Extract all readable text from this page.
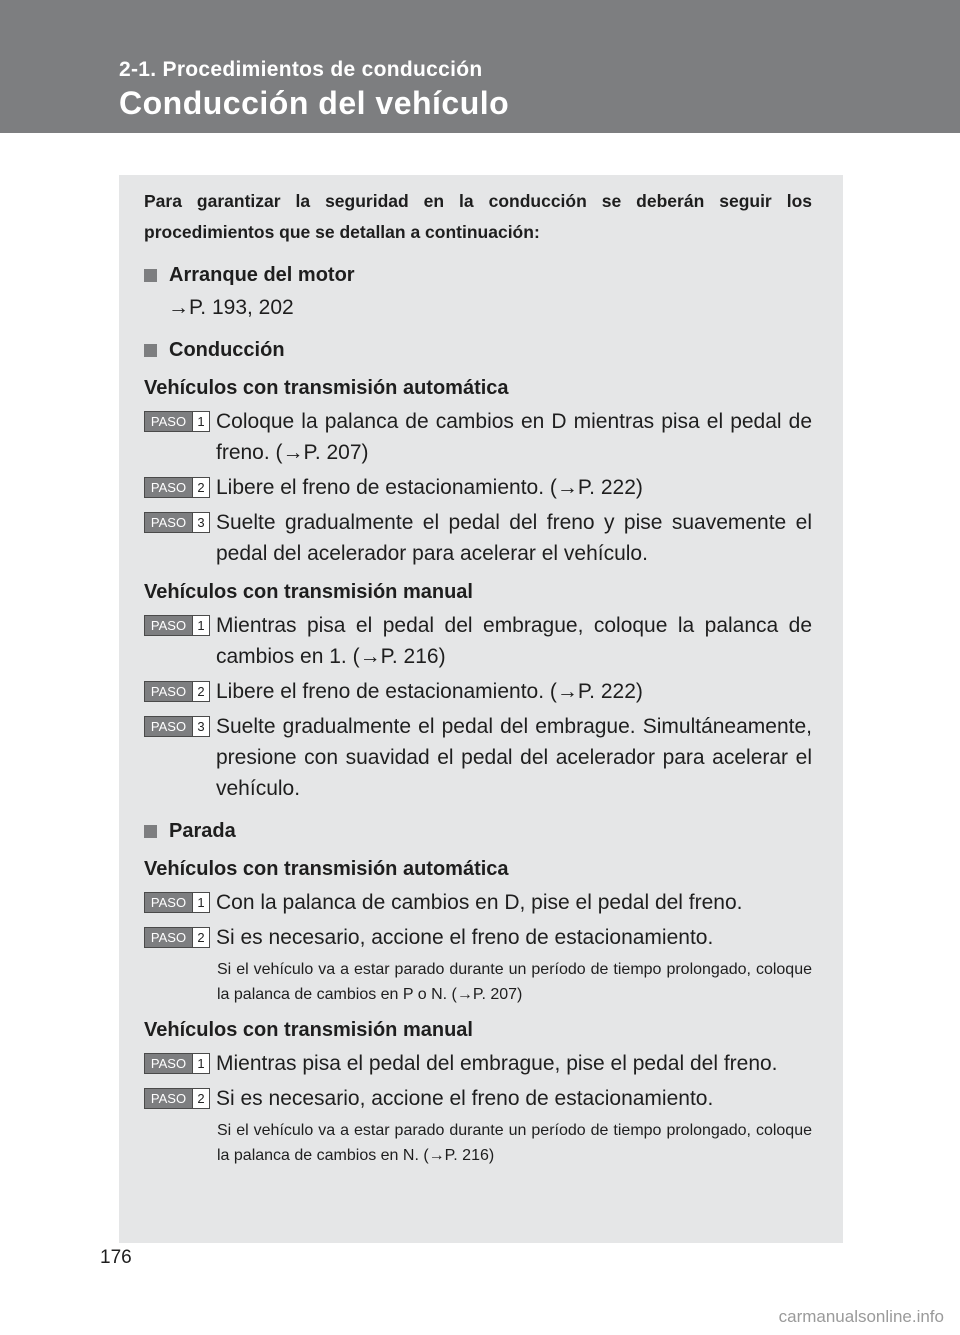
2-1. Procedimientos de conducción
Conducción del vehículo

Para garantizar la seguridad en la conducción se deberán seguir los procedimientos que se detallan a continuación:

Arranque del motor
→P. 193, 202
Conducción
Vehículos con transmisión automática
PASO 1 Coloque la palanca de cambios en D mientras pisa el pedal de freno. (→P. 207)
PASO 2 Libere el freno de estacionamiento. (→P. 222)
PASO 3 Suelte gradualmente el pedal del freno y pise suavemente el pedal del acelerador para acelerar el vehículo.
Vehículos con transmisión manual
PASO 1 Mientras pisa el pedal del embrague, coloque la palanca de cambios en 1. (→P. 216)
PASO 2 Libere el freno de estacionamiento. (→P. 222)
PASO 3 Suelte gradualmente el pedal del embrague. Simultáneamente, presione con suavidad el pedal del acelerador para acelerar el vehículo.
Parada
Vehículos con transmisión automática
PASO 1 Con la palanca de cambios en D, pise el pedal del freno.
PASO 2 Si es necesario, accione el freno de estacionamiento.
Si el vehículo va a estar parado durante un período de tiempo prolongado, coloque la palanca de cambios en P o N. (→P. 207)
Vehículos con transmisión manual
PASO 1 Mientras pisa el pedal del embrague, pise el pedal del freno.
PASO 2 Si es necesario, accione el freno de estacionamiento.
Si el vehículo va a estar parado durante un período de tiempo prolongado, coloque la palanca de cambios en N. (→P. 216)
176
carmanualsonline.info
